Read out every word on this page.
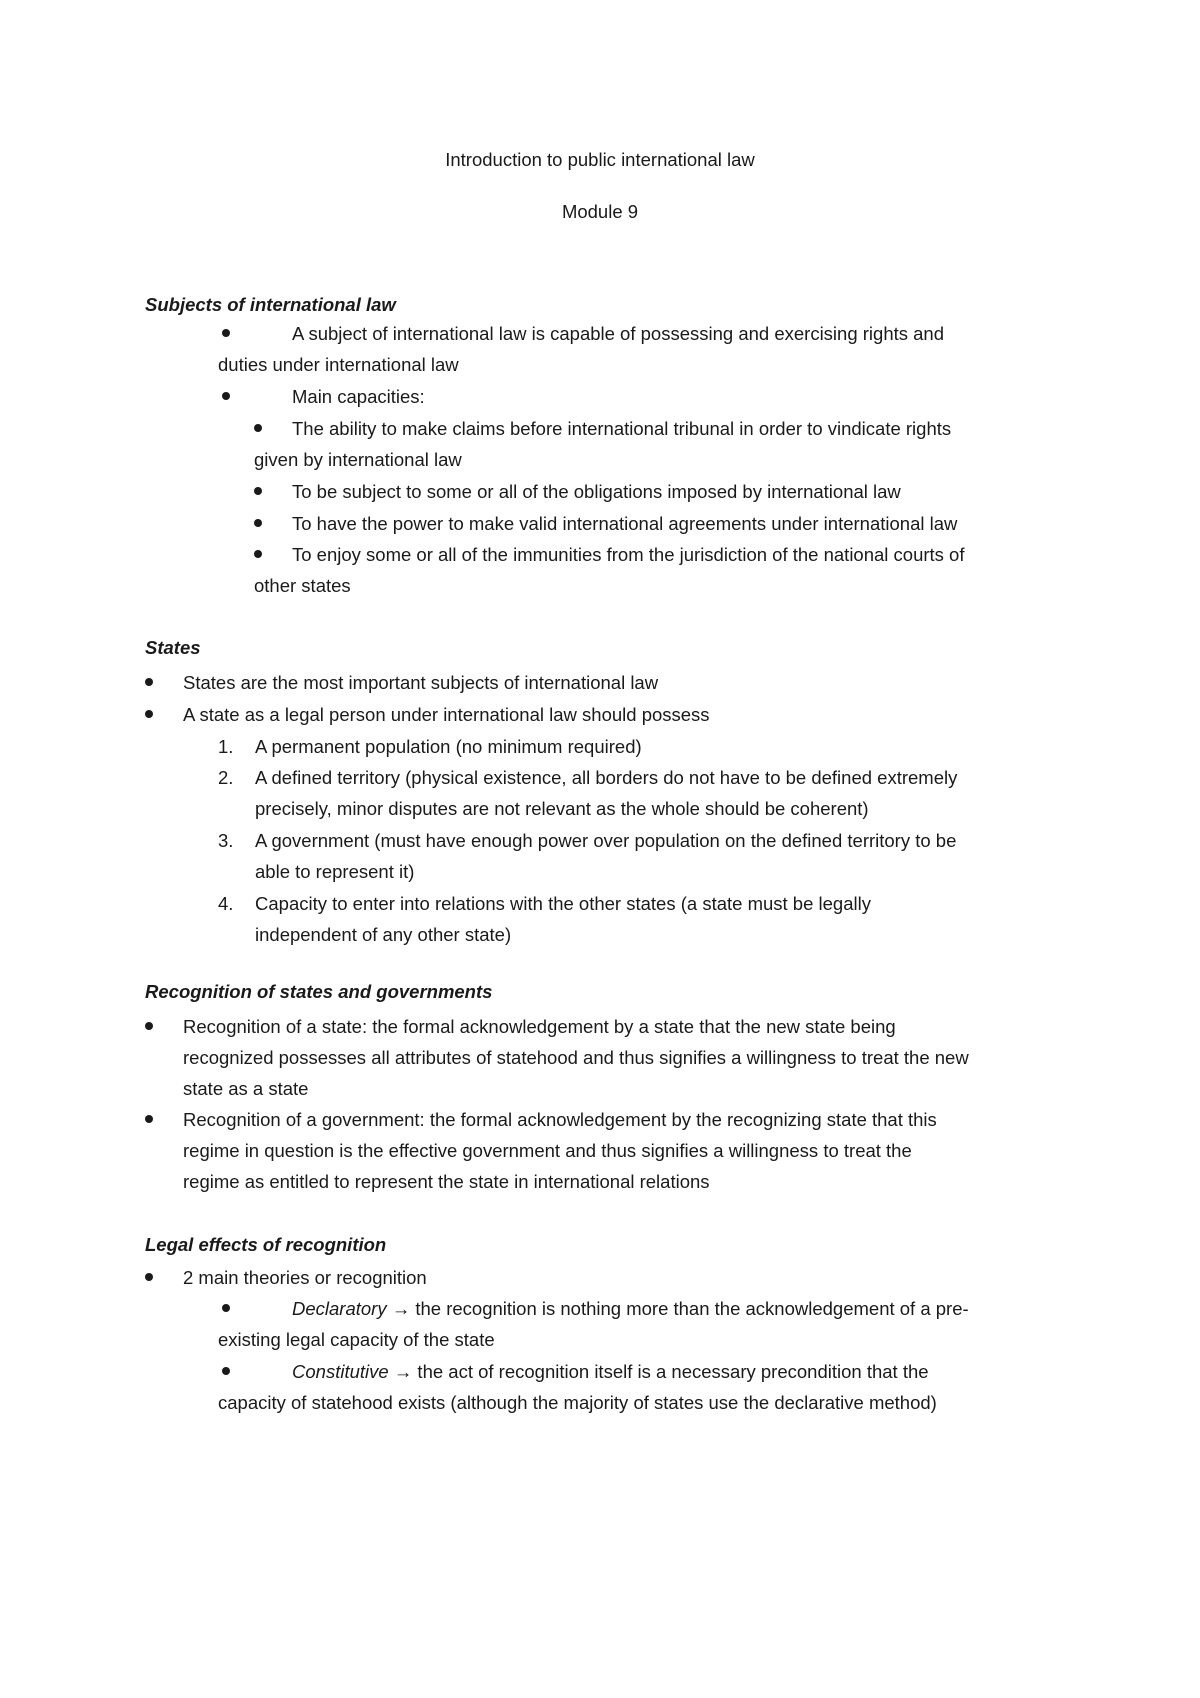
Introduction to public international law
Module 9
Subjects of international law
A subject of international law is capable of possessing and exercising rights and
duties under international law
Main capacities:
The ability to make claims before international tribunal in order to vindicate rights
given by international law
To be subject to some or all of the obligations imposed by international law
To have the power to make valid international agreements under international law
To enjoy some or all of the immunities from the jurisdiction of the national courts of
other states
States
States are the most important subjects of international law
A state as a legal person under international law should possess
1. A permanent population (no minimum required)
2. A defined territory (physical existence, all borders do not have to be defined extremely
precisely, minor disputes are not relevant as the whole should be coherent)
3. A government (must have enough power over population on the defined territory to be
able to represent it)
4. Capacity to enter into relations with the other states (a state must be legally
independent of any other state)
Recognition of states and governments
Recognition of a state: the formal acknowledgement by a state that the new state being
recognized possesses all attributes of statehood and thus signifies a willingness to treat the new
state as a state
Recognition of a government: the formal acknowledgement by the recognizing state that this
regime in question is the effective government and thus signifies a willingness to treat the
regime as entitled to represent the state in international relations
Legal effects of recognition
2 main theories or recognition
Declaratory → the recognition is nothing more than the acknowledgement of a pre-
existing legal capacity of the state
Constitutive → the act of recognition itself is a necessary precondition that the
capacity of statehood exists (although the majority of states use the declarative method)
